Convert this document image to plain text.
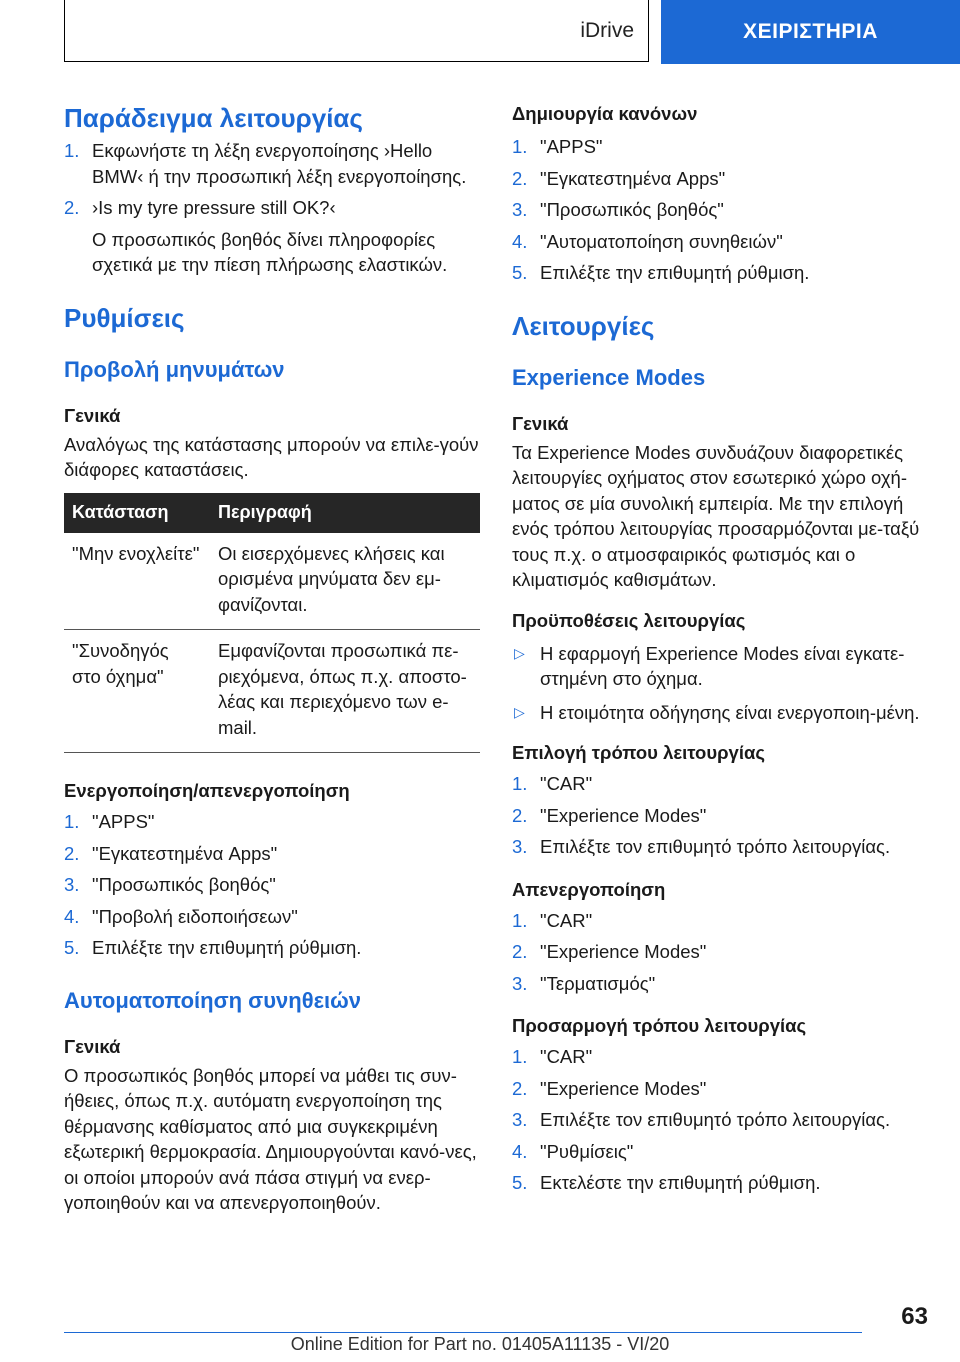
iDrive	ΧΕΙΡΙΣΤΗΡΙΑ
Παράδειγμα λειτουργίας
1. Εκφωνήστε τη λέξη ενεργοποίησης ›Hello BMW‹ ή την προσωπική λέξη ενεργοποίησης.
2. ›Is my tyre pressure still OK?‹

Ο προσωπικός βοηθός δίνει πληροφορίες σχετικά με την πίεση πλήρωσης ελαστικών.

Ρυθμίσεις
Προβολή μηνυμάτων
Γενικά

Αναλόγως της κατάστασης μπορούν να επιλε-γούν διάφορες καταστάσεις.

Κατάσταση	Περιγραφή
"Μην ενοχλείτε"	Οι εισερχόμενες κλήσεις και ορισμένα μηνύματα δεν εμ-φανίζονται.
"Συνοδηγός στο όχημα"	Εμφανίζονται προσωπικά πε-ριεχόμενα, όπως π.χ. αποστο-λέας και περιεχόμενο των e-mail.
Ενεργοποίηση/απενεργοποίηση
1. "APPS"
2. "Εγκατεστημένα Apps"
3. "Προσωπικός βοηθός"
4. "Προβολή ειδοποιήσεων"
5. Επιλέξτε την επιθυμητή ρύθμιση.
Αυτοματοποίηση συνηθειών
Γενικά

Ο προσωπικός βοηθός μπορεί να μάθει τις συν-ήθειες, όπως π.χ. αυτόματη ενεργοποίηση της θέρμανσης καθίσματος από μια συγκεκριμένη εξωτερική θερμοκρασία. Δημιουργούνται κανό-νες, οι οποίοι μπορούν ανά πάσα στιγμή να ενερ-γοποιηθούν και να απενεργοποιηθούν.

Δημιουργία κανόνων
1. "APPS"
2. "Εγκατεστημένα Apps"
3. "Προσωπικός βοηθός"
4. "Αυτοματοποίηση συνηθειών"
5. Επιλέξτε την επιθυμητή ρύθμιση.
Λειτουργίες
Experience Modes
Γενικά

Τα Experience Modes συνδυάζουν διαφορετικές λειτουργίες οχήματος στον εσωτερικό χώρο οχή-ματος σε μία συνολική εμπειρία. Με την επιλογή ενός τρόπου λειτουργίας προσαρμόζονται με-ταξύ τους π.χ. ο ατμοσφαιρικός φωτισμός και ο κλιματισμός καθισμάτων.

Προϋποθέσεις λειτουργίας
▷ Η εφαρμογή Experience Modes είναι εγκατε-στημένη στο όχημα.
▷ Η ετοιμότητα οδήγησης είναι ενεργοποιη-μένη.
Επιλογή τρόπου λειτουργίας
1. "CAR"
2. "Experience Modes"
3. Επιλέξτε τον επιθυμητό τρόπο λειτουργίας.
Απενεργοποίηση
1. "CAR"
2. "Experience Modes"
3. "Τερματισμός"
Προσαρμογή τρόπου λειτουργίας
1. "CAR"
2. "Experience Modes"
3. Επιλέξτε τον επιθυμητό τρόπο λειτουργίας.
4. "Ρυθμίσεις"
5. Εκτελέστε την επιθυμητή ρύθμιση.
63
Online Edition for Part no. 01405A11135 - VI/20
